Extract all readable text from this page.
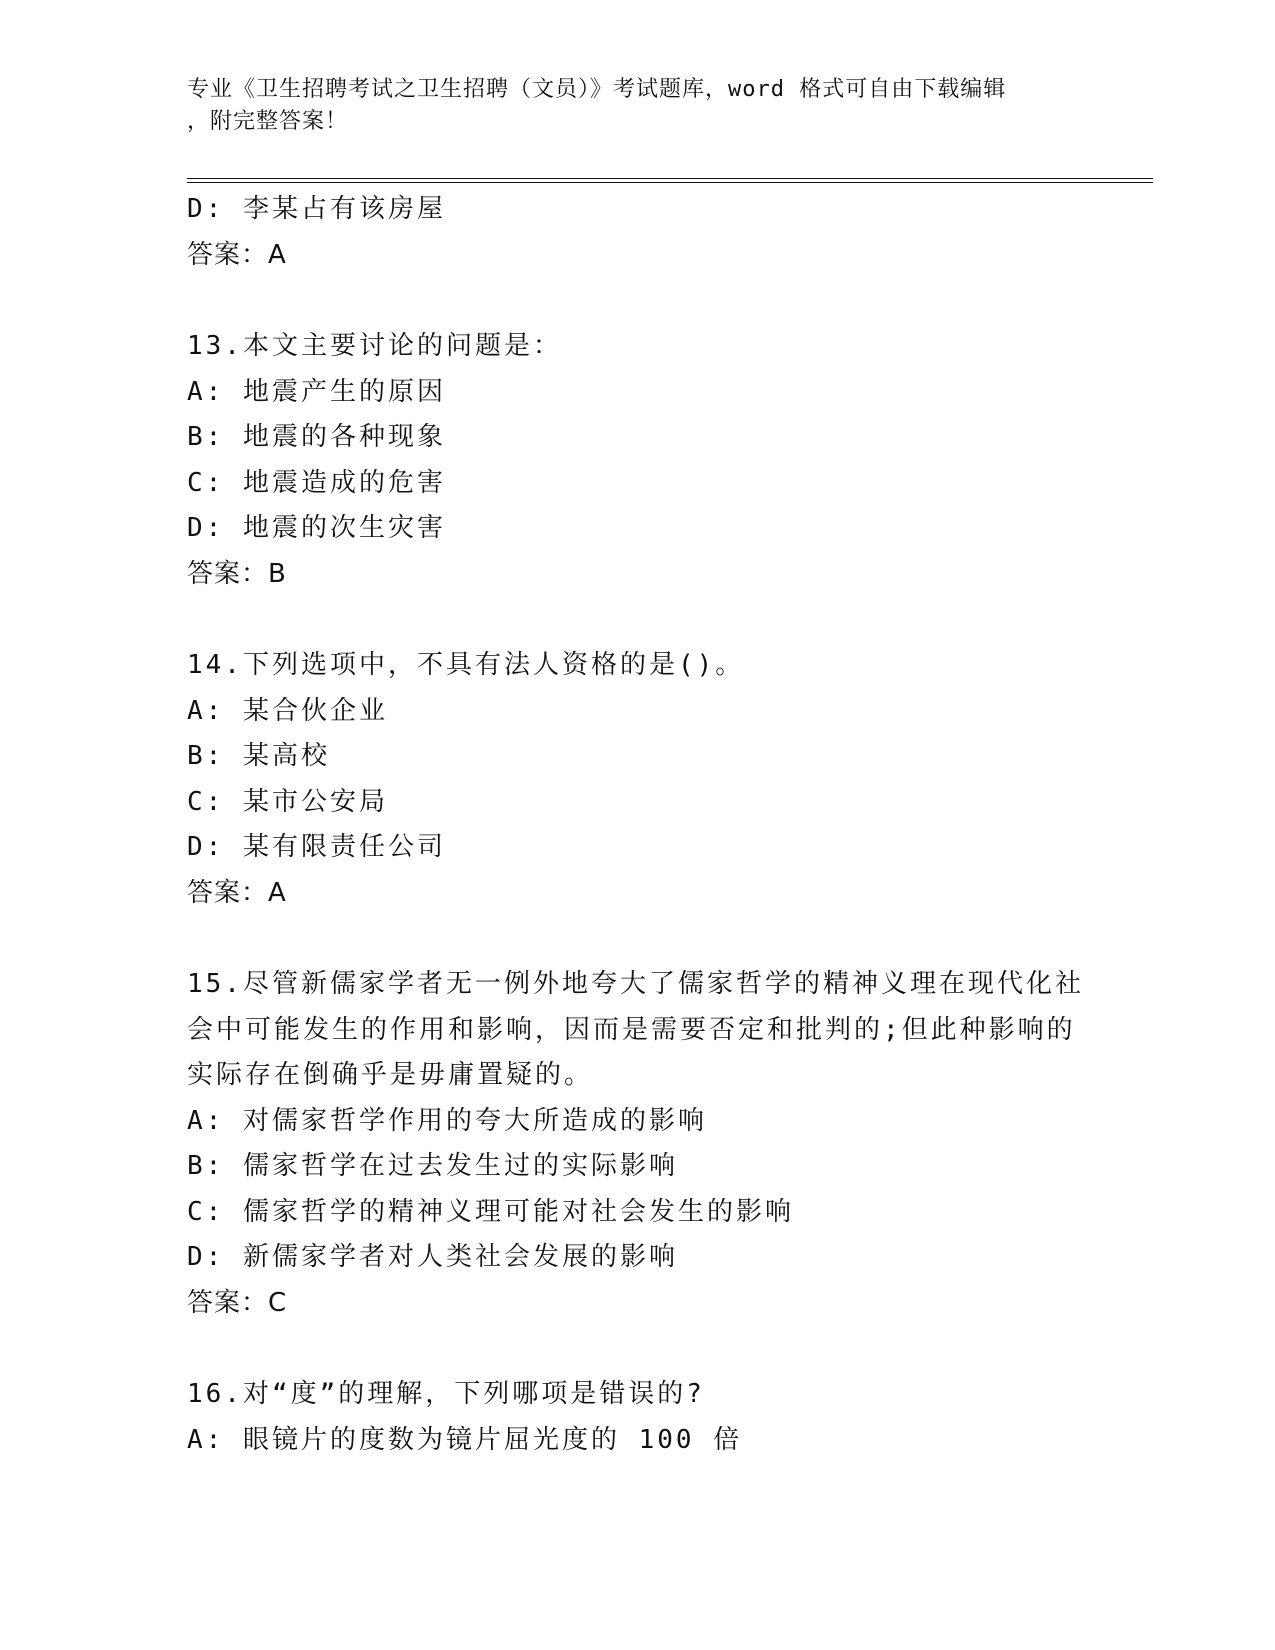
专业《卫生招聘考试之卫生招聘（文员）》考试题库，word 格式可自由下载编辑
，附完整答案！
D: 李某占有该房屋
答案：A
13.本文主要讨论的问题是：
A: 地震产生的原因
B: 地震的各种现象
C: 地震造成的危害
D: 地震的次生灾害
答案：B
14.下列选项中，不具有法人资格的是()。
A: 某合伙企业
B: 某高校
C: 某市公安局
D: 某有限责任公司
答案：A
15.尽管新儒家学者无一例外地夸大了儒家哲学的精神义理在现代化社
会中可能发生的作用和影响，因而是需要否定和批判的;但此种影响的
实际存在倒确乎是毋庸置疑的。
A: 对儒家哲学作用的夸大所造成的影响
B: 儒家哲学在过去发生过的实际影响
C: 儒家哲学的精神义理可能对社会发生的影响
D: 新儒家学者对人类社会发展的影响
答案：C
16.对“度”的理解，下列哪项是错误的?
A: 眼镜片的度数为镜片屈光度的 100 倍
